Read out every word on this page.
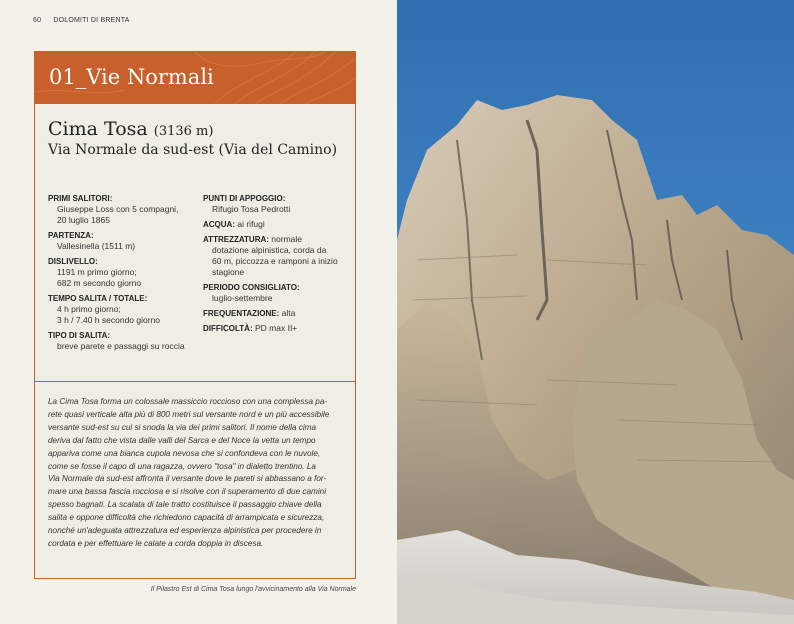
60 DOLOMITI DI BRENTA
01_Vie Normali
Cima Tosa (3136 m)
Via Normale da sud-est (Via del Camino)
PRIMI SALITORI:
Giuseppe Loss con 5 compagni,
20 luglio 1865
PARTENZA:
Vallesinella (1511 m)
DISLIVELLO:
1191 m primo giorno;
682 m secondo giorno
TEMPO SALITA / TOTALE:
4 h primo giorno;
3 h / 7.40 h secondo giorno
TIPO DI SALITA:
breve parete e passaggi su roccia
PUNTI DI APPOGGIO:
Rifugio Tosa Pedrotti
ACQUA: ai rifugi
ATTREZZATURA: normale
dotazione alpinistica, corda da
60 m, piccozza e ramponi a inizio
stagione
PERIODO CONSIGLIATO:
luglio-settembre
FREQUENTAZIONE: alta
DIFFICOLTÀ: PD max II+
La Cima Tosa forma un colossale massiccio roccioso con una complessa pa-
rete quasi verticale alta più di 800 metri sul versante nord e un più accessibile
versante sud-est su cui si snoda la via dei primi salitori. Il nome della cima
deriva dal fatto che vista dalle valli del Sarca e del Noce la vetta un tempo
appariva come una bianca cupola nevosa che si confondeva con le nuvole,
come se fosse il capo di una ragazza, ovvero "tosa" in dialetto trentino. La
Via Normale da sud-est affronta il versante dove le pareti si abbassano a for-
mare una bassa fascia rocciosa e si risolve con il superamento di due camini
spesso bagnati. La scalata di tale tratto costituisce il passaggio chiave della
salita e oppone difficoltà che richiedono capacità di arrampicata e sicurezza,
nonché un'adeguata attrezzatura ed esperienza alpinistica per procedere in
cordata e per effettuare le calate a corda doppia in discesa.
Il Pilastro Est di Cima Tosa lungo l'avvicinamento alla Via Normale
